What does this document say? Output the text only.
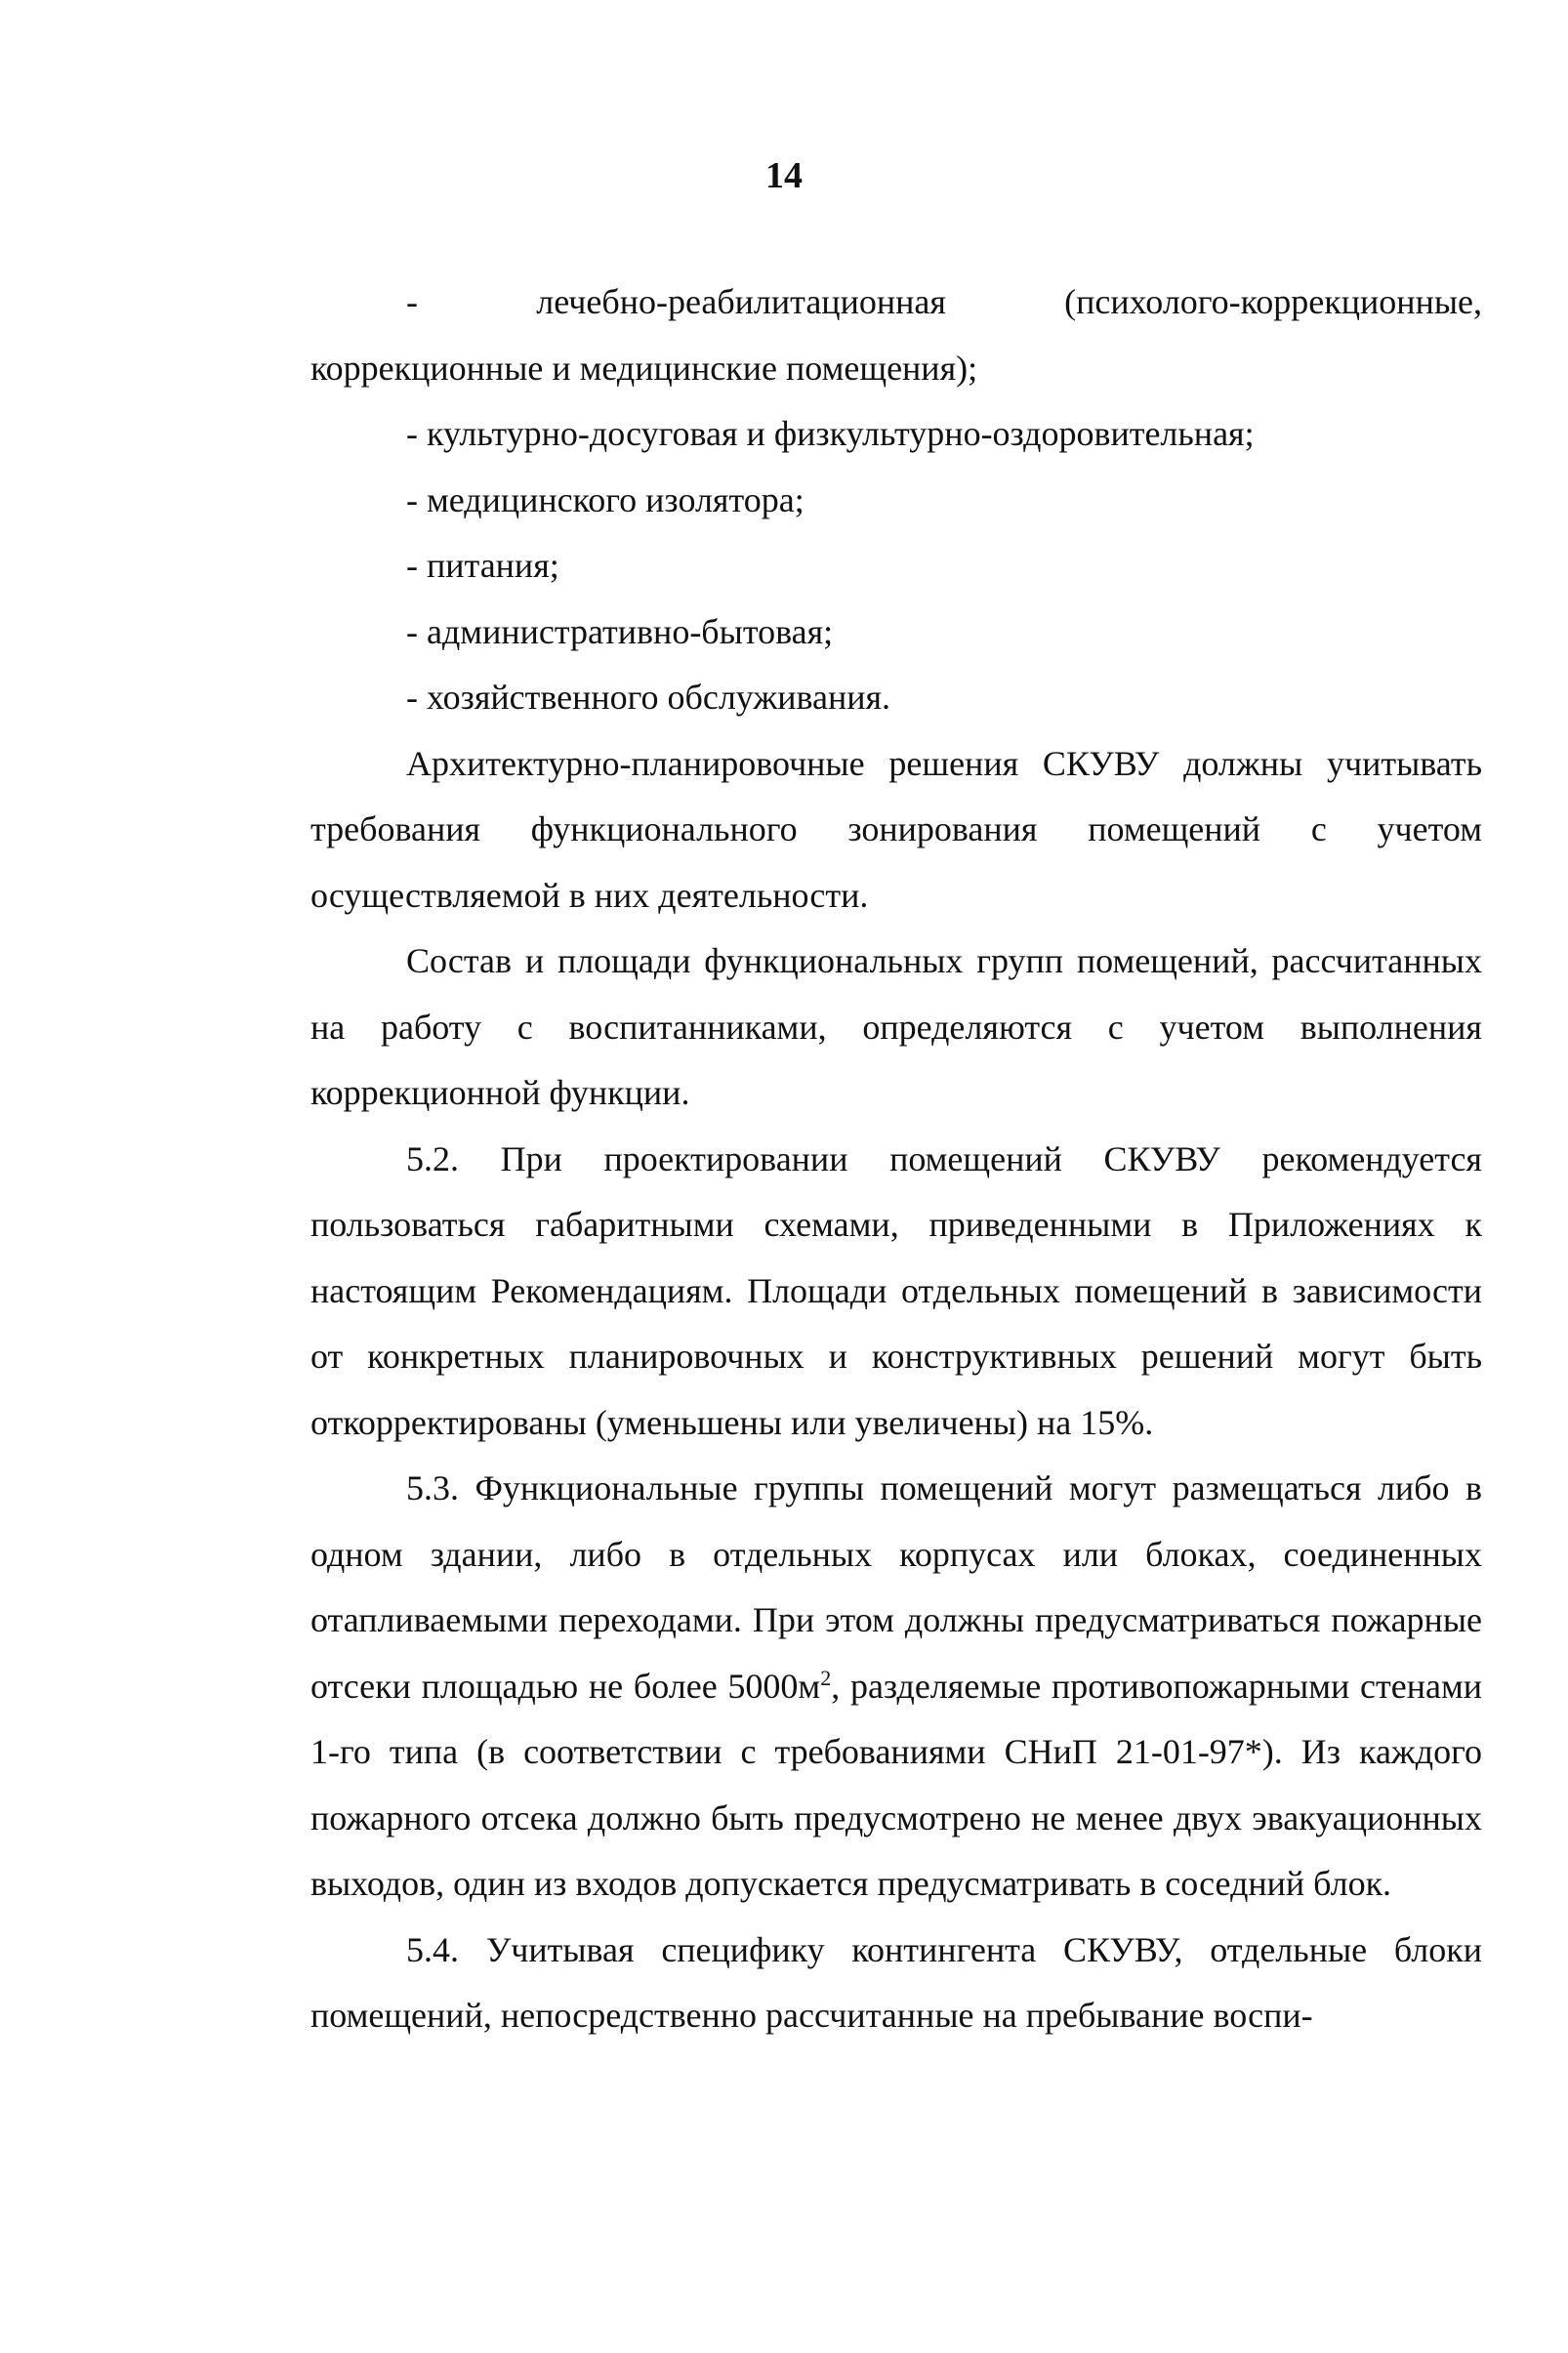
14

- лечебно-реабилитационная (психолого-коррекционные, коррекционные и медицинские помещения);

- культурно-досуговая и физкультурно-оздоровительная;

- медицинского изолятора;

- питания;

- административно-бытовая;

- хозяйственного обслуживания.

Архитектурно-планировочные решения СКУВУ должны учитывать требования функционального зонирования помещений с учетом осуществляемой в них деятельности.

Состав и площади функциональных групп помещений, рассчитанных на работу с воспитанниками, определяются с учетом выполнения коррекционной функции.

5.2. При проектировании помещений СКУВУ рекомендуется пользоваться габаритными схемами, приведенными в Приложениях к настоящим Рекомендациям. Площади отдельных помещений в зависимости от конкретных планировочных и конструктивных решений могут быть откорректированы (уменьшены или увеличены) на 15%.

5.3. Функциональные группы помещений могут размещаться либо в одном здании, либо в отдельных корпусах или блоках, соединенных отапливаемыми переходами. При этом должны предусматриваться пожарные отсеки площадью не более $5000м^2$, разделяемые противопожарными стенами 1-го типа (в соответствии с требованиями СНиП 21-01-97*). Из каждого пожарного отсека должно быть предусмотрено не менее двух эвакуационных выходов, один из входов допускается предусматривать в соседний блок.

5.4. Учитывая специфику контингента СКУВУ, отдельные блоки помещений, непосредственно рассчитанные на пребывание воспи-
